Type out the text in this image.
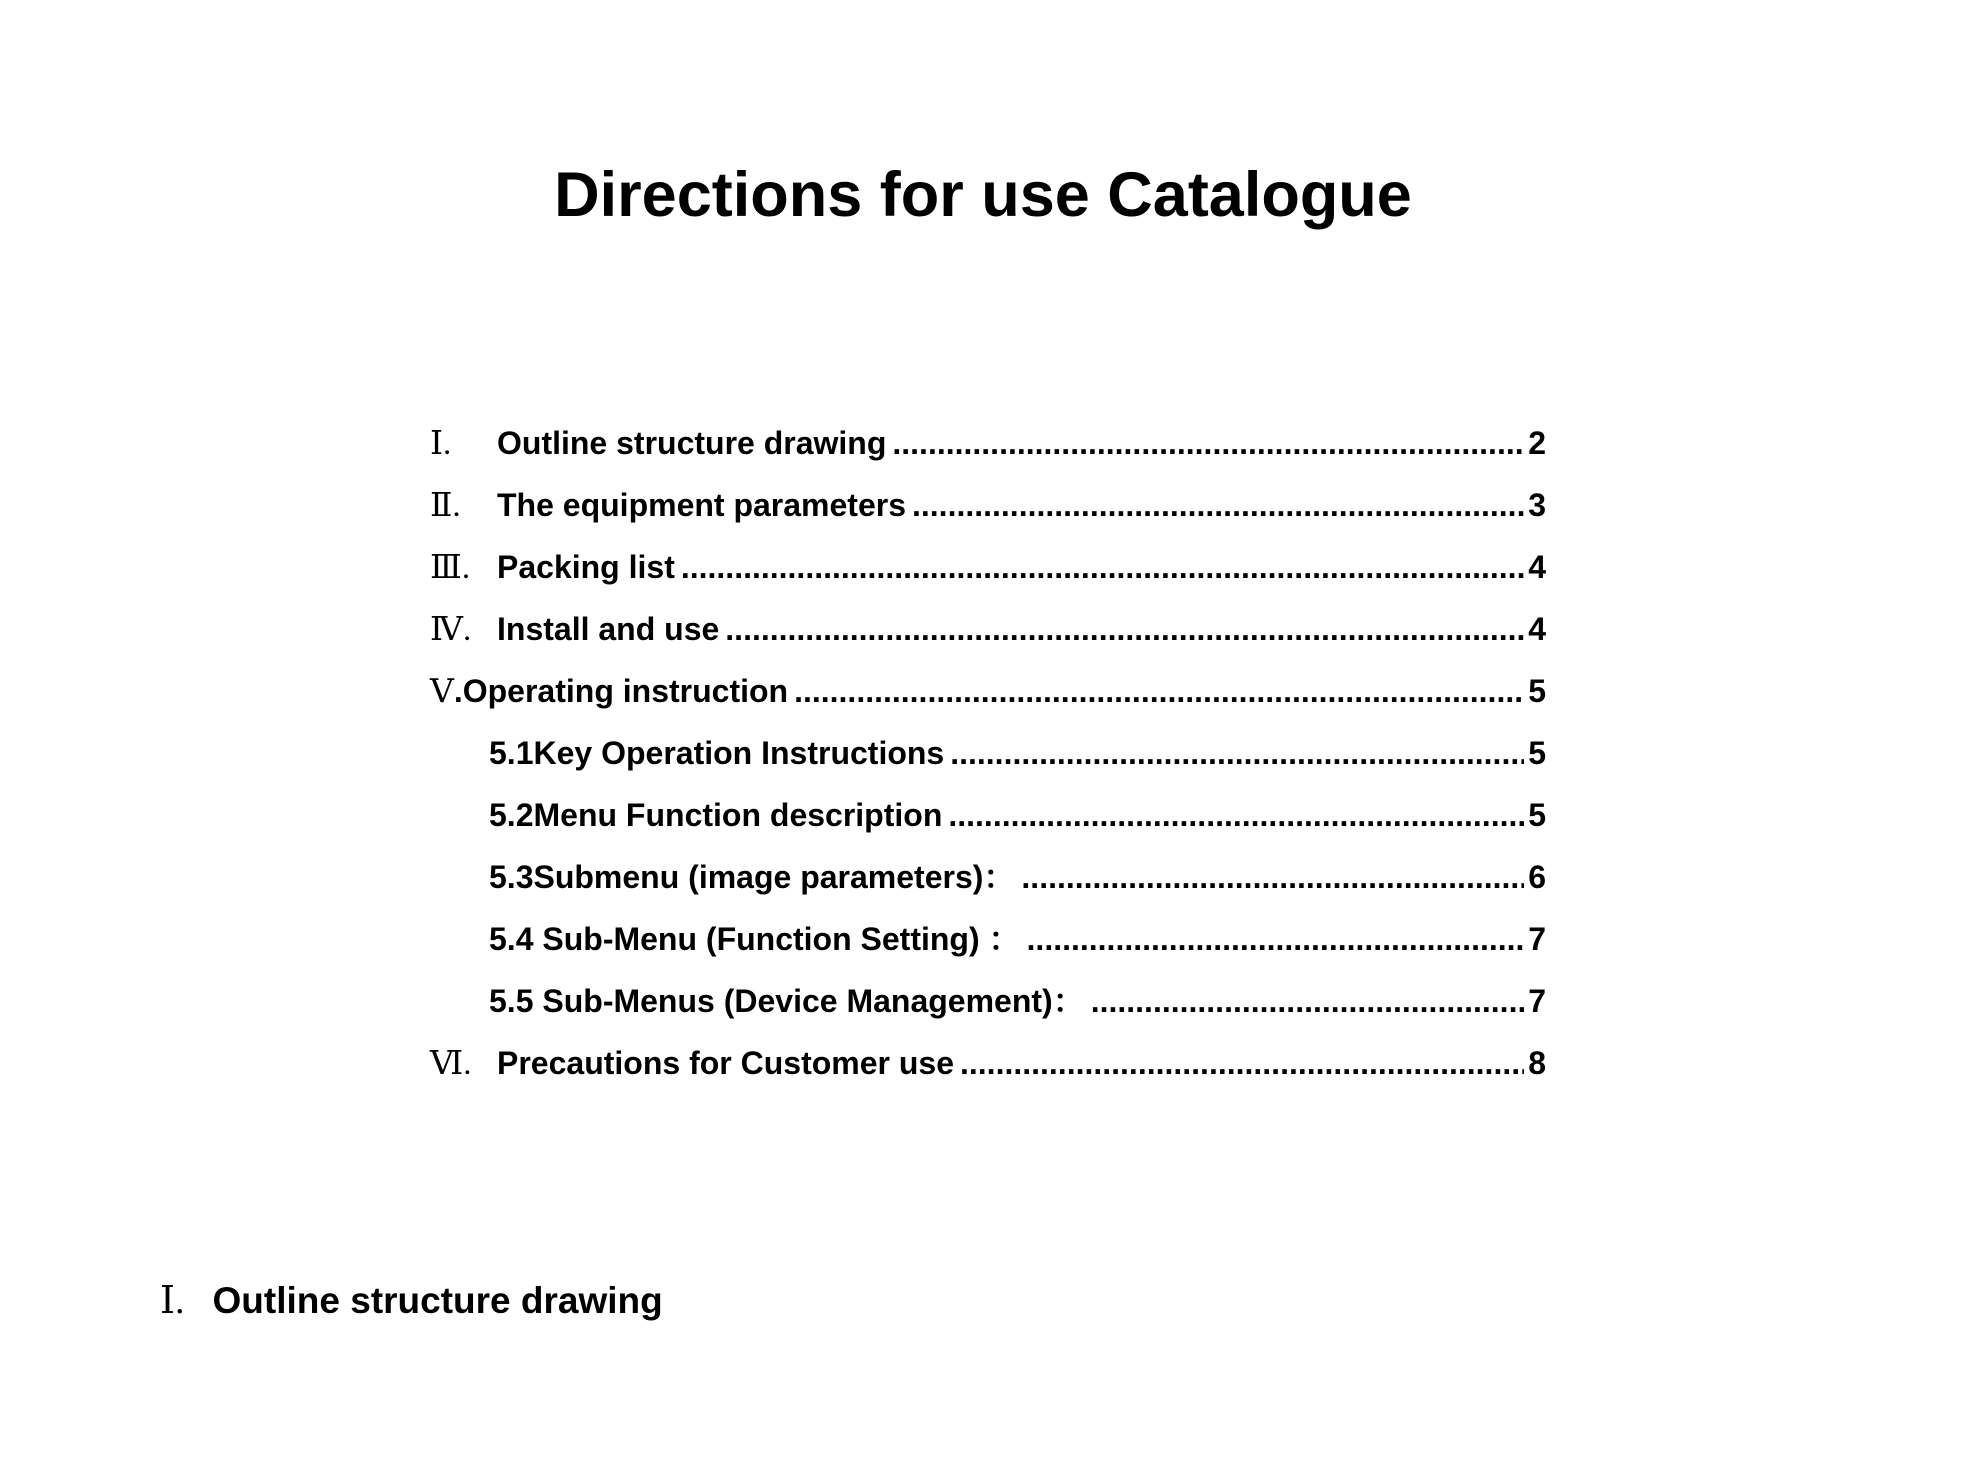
Directions for use Catalogue
Ⅰ.	Outline structure drawing .....	2
Ⅱ.	The equipment parameters .....	3
Ⅲ. Packing list .....	4
Ⅳ. Install and use .....	4
Ⅴ .Operating instruction .....	5
5.1Key Operation Instructions .....	5
5.2Menu Function description .....	5
5.3Submenu (image parameters)： .....	6
5.4 Sub-Menu (Function Setting) ： .....	7
5.5 Sub-Menus (Device Management)： .....	7
Ⅵ. Precautions for Customer use .....	8
Ⅰ. Outline structure drawing
